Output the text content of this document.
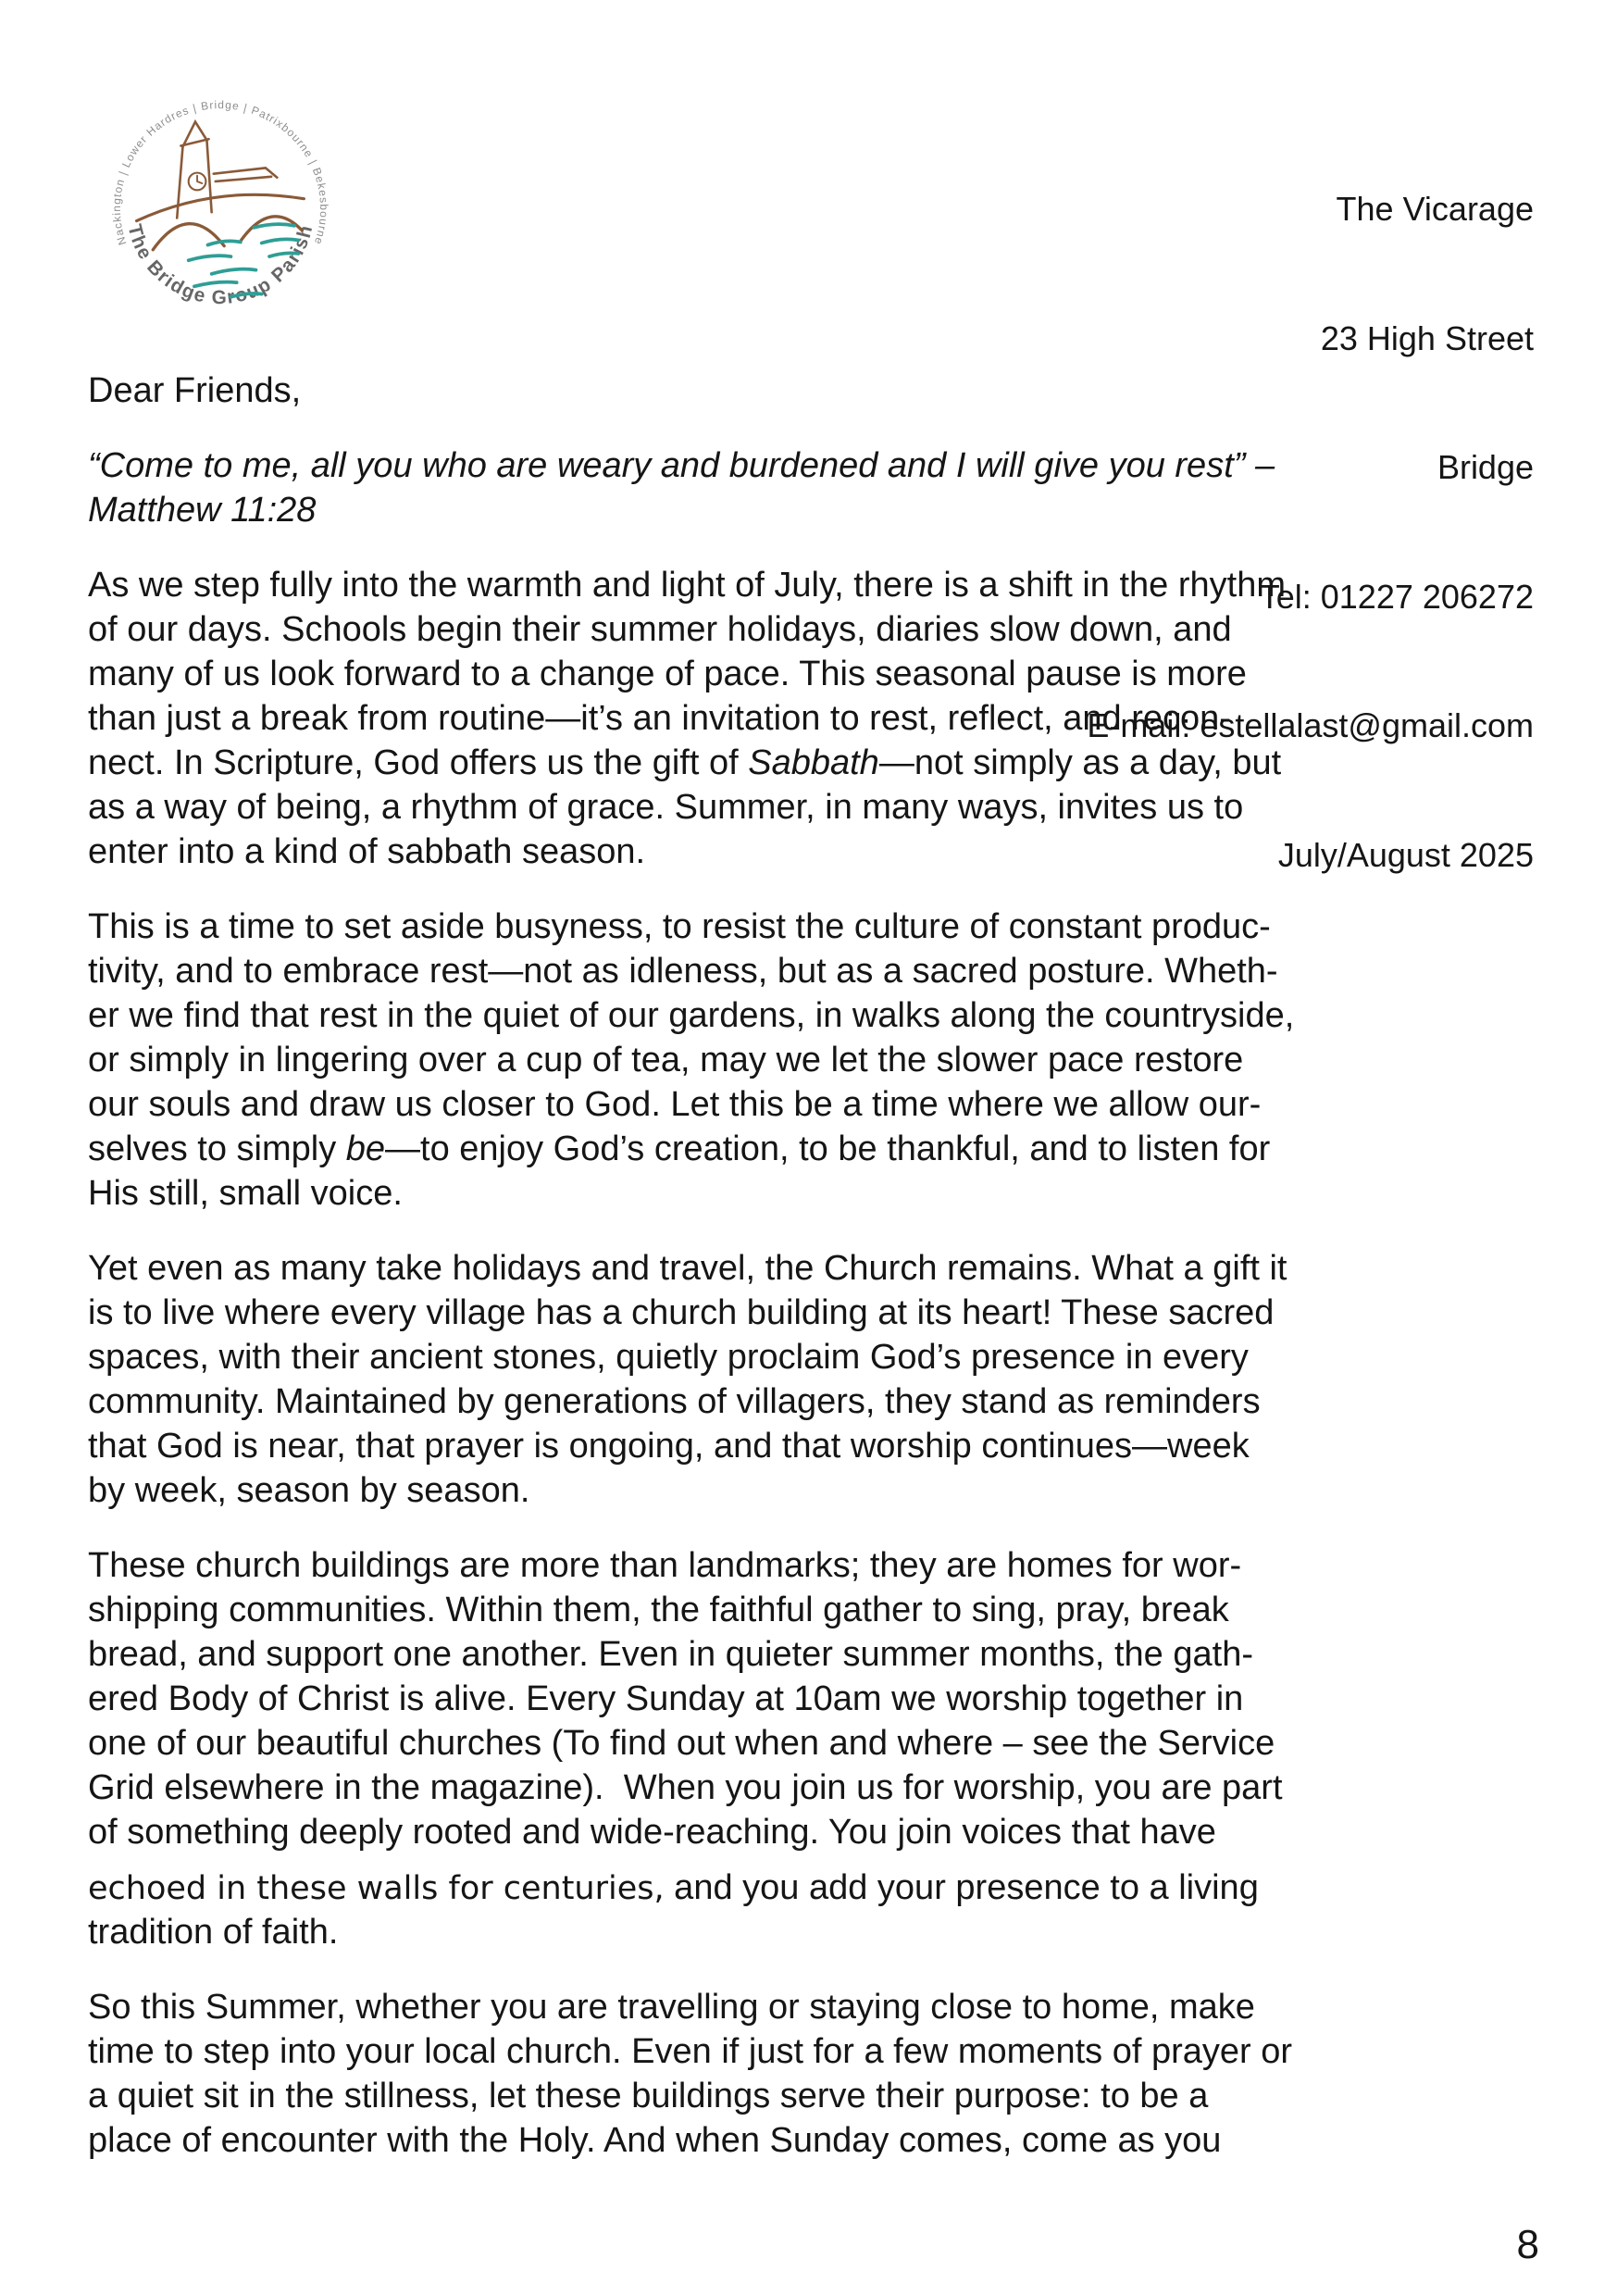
Nackington | Lower Hardres | Bridge | Patrixbourne | Bekesbourne
The Bridge Group Parish

The Vicarage

23 High Street

Bridge

Tel: 01227 206272

E-mail: estellalast@gmail.com

July/August 2025

Dear Friends,
“Come to me, all you who are weary and burdened and I will give you rest” –
Matthew 11:28
As we step fully into the warmth and light of July, there is a shift in the rhythm
of our days. Schools begin their summer holidays, diaries slow down, and
many of us look forward to a change of pace. This seasonal pause is more
than just a break from routine—it’s an invitation to rest, reflect, and recon-
nect. In Scripture, God offers us the gift of Sabbath—not simply as a day, but
as a way of being, a rhythm of grace. Summer, in many ways, invites us to
enter into a kind of sabbath season.
This is a time to set aside busyness, to resist the culture of constant produc-
tivity, and to embrace rest—not as idleness, but as a sacred posture. Wheth-
er we find that rest in the quiet of our gardens, in walks along the countryside,
or simply in lingering over a cup of tea, may we let the slower pace restore
our souls and draw us closer to God. Let this be a time where we allow our-
selves to simply be—to enjoy God’s creation, to be thankful, and to listen for
His still, small voice.
Yet even as many take holidays and travel, the Church remains. What a gift it
is to live where every village has a church building at its heart! These sacred
spaces, with their ancient stones, quietly proclaim God’s presence in every
community. Maintained by generations of villagers, they stand as reminders
that God is near, that prayer is ongoing, and that worship continues—week
by week, season by season.
These church buildings are more than landmarks; they are homes for wor-
shipping communities. Within them, the faithful gather to sing, pray, break
bread, and support one another. Even in quieter summer months, the gath-
ered Body of Christ is alive. Every Sunday at 10am we worship together in
one of our beautiful churches (To find out when and where – see the Service
Grid elsewhere in the magazine).  When you join us for worship, you are part
of something deeply rooted and wide-reaching. You join voices that have
echoed in these walls for centuries, and you add your presence to a living
tradition of faith.
So this Summer, whether you are travelling or staying close to home, make
time to step into your local church. Even if just for a few moments of prayer or
a quiet sit in the stillness, let these buildings serve their purpose: to be a
place of encounter with the Holy. And when Sunday comes, come as you
8
